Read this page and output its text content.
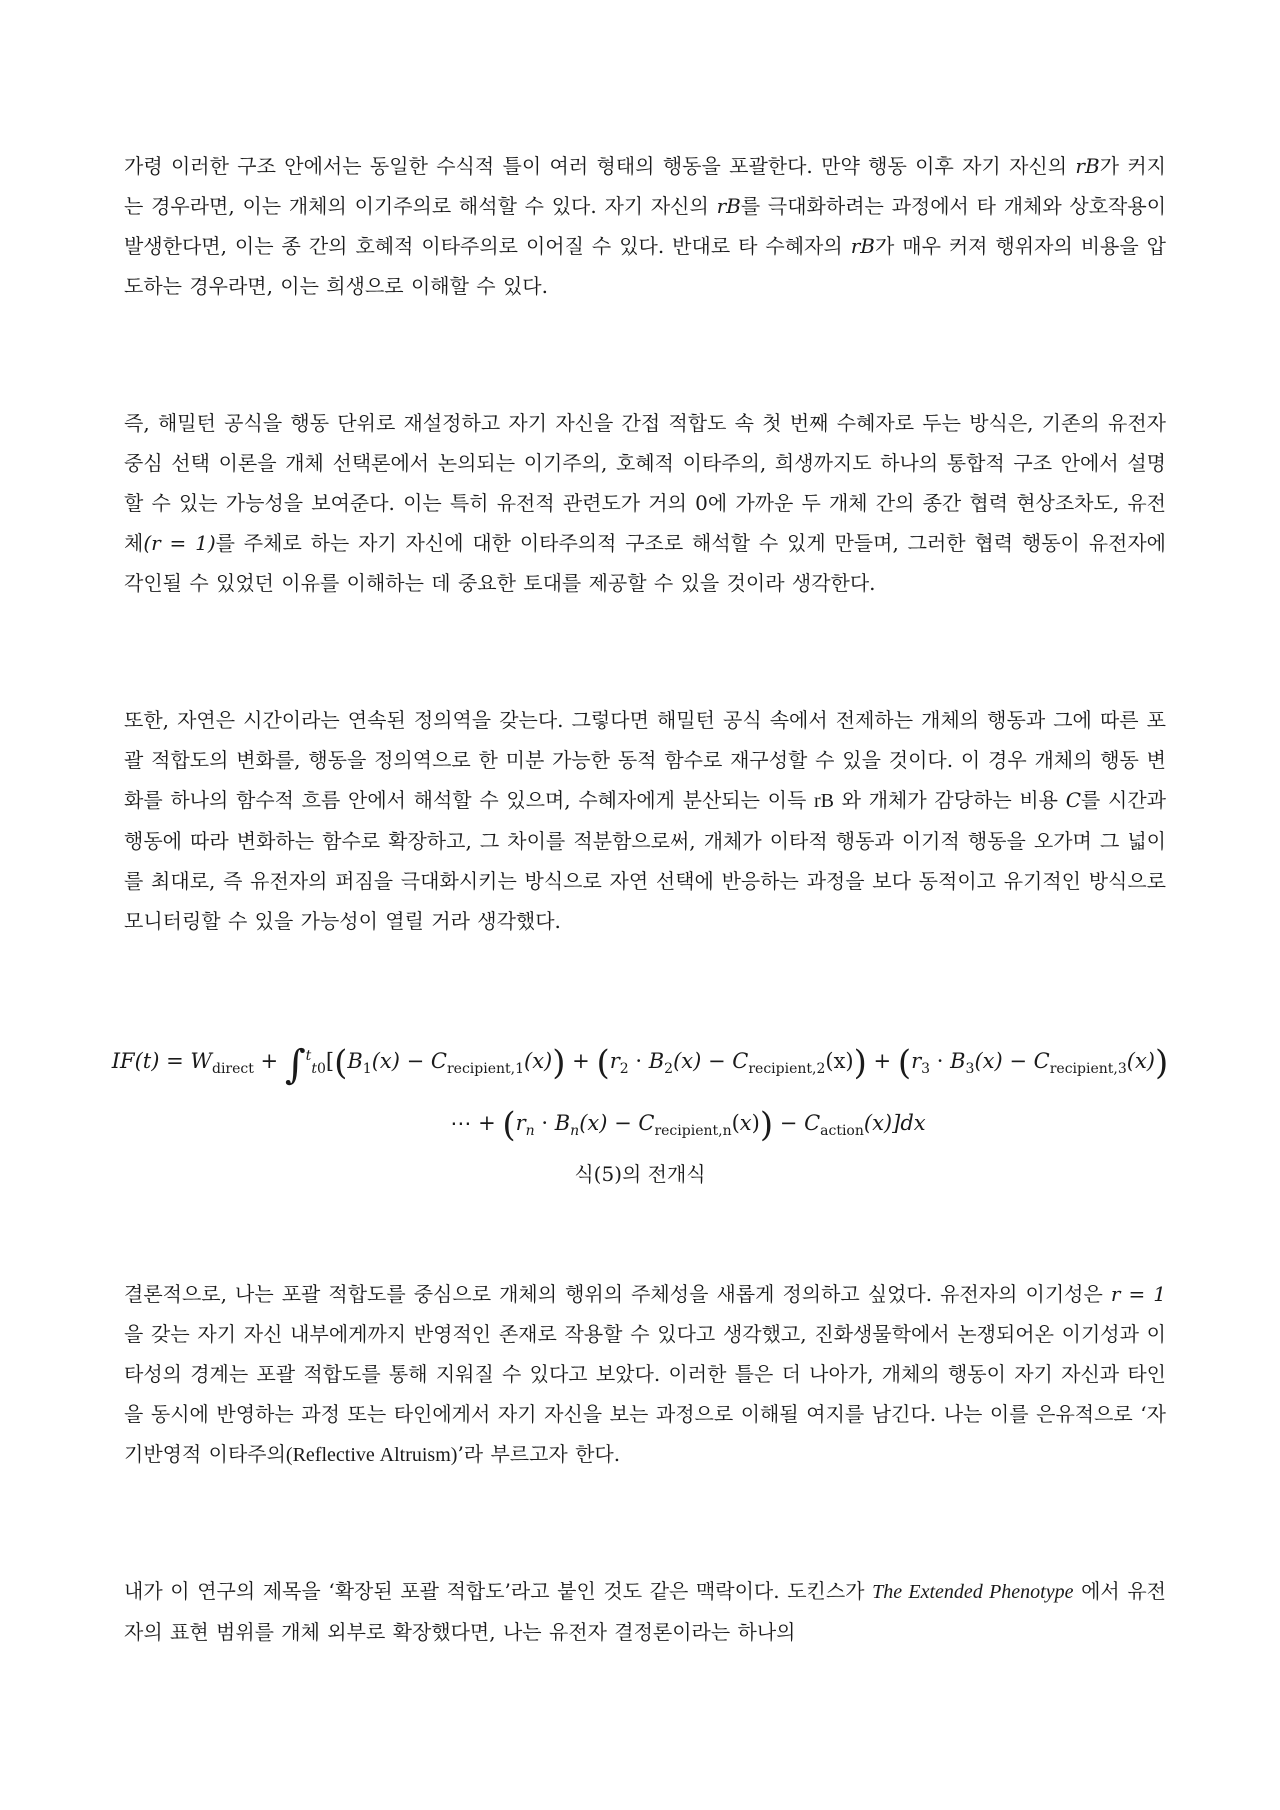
가령 이러한 구조 안에서는 동일한 수식적 틀이 여러 형태의 행동을 포괄한다. 만약 행동 이후 자기 자신의 rB가 커지는 경우라면, 이는 개체의 이기주의로 해석할 수 있다. 자기 자신의 rB를 극대화하려는 과정에서 타 개체와 상호작용이 발생한다면, 이는 종 간의 호혜적 이타주의로 이어질 수 있다. 반대로 타 수혜자의 rB가 매우 커져 행위자의 비용을 압도하는 경우라면, 이는 희생으로 이해할 수 있다.

즉, 해밀턴 공식을 행동 단위로 재설정하고 자기 자신을 간접 적합도 속 첫 번째 수혜자로 두는 방식은, 기존의 유전자 중심 선택 이론을 개체 선택론에서 논의되는 이기주의, 호혜적 이타주의, 희생까지도 하나의 통합적 구조 안에서 설명할 수 있는 가능성을 보여준다. 이는 특히 유전적 관련도가 거의 0에 가까운 두 개체 간의 종간 협력 현상조차도, 유전체(r = 1)를 주체로 하는 자기 자신에 대한 이타주의적 구조로 해석할 수 있게 만들며, 그러한 협력 행동이 유전자에 각인될 수 있었던 이유를 이해하는 데 중요한 토대를 제공할 수 있을 것이라 생각한다.

또한, 자연은 시간이라는 연속된 정의역을 갖는다. 그렇다면 해밀턴 공식 속에서 전제하는 개체의 행동과 그에 따른 포괄 적합도의 변화를, 행동을 정의역으로 한 미분 가능한 동적 함수로 재구성할 수 있을 것이다. 이 경우 개체의 행동 변화를 하나의 함수적 흐름 안에서 해석할 수 있으며, 수혜자에게 분산되는 이득 rB 와 개체가 감당하는 비용 C를 시간과 행동에 따라 변화하는 함수로 확장하고, 그 차이를 적분함으로써, 개체가 이타적 행동과 이기적 행동을 오가며 그 넓이를 최대로, 즉 유전자의 퍼짐을 극대화시키는 방식으로 자연 선택에 반응하는 과정을 보다 동적이고 유기적인 방식으로 모니터링할 수 있을 가능성이 열릴 거라 생각했다.

$IF(t) = W_{direct} + \int^t_{t0}[(B_1(x) - C_{recipient,1}(x)) + (r_2 \cdot B_2(x) - C_{recipient,2}(x)) + (r_3 \cdot B_3(x) - C_{recipient,3}(x))$
⋯ + $(r_n \cdot B_n(x) - C_{recipient,n}(x)) - C_{action}(x)]dx$
식(5)의 전개식

결론적으로, 나는 포괄 적합도를 중심으로 개체의 행위의 주체성을 새롭게 정의하고 싶었다. 유전자의 이기성은 r = 1 을 갖는 자기 자신 내부에게까지 반영적인 존재로 작용할 수 있다고 생각했고, 진화생물학에서 논쟁되어온 이기성과 이타성의 경계는 포괄 적합도를 통해 지워질 수 있다고 보았다. 이러한 틀은 더 나아가, 개체의 행동이 자기 자신과 타인을 동시에 반영하는 과정 또는 타인에게서 자기 자신을 보는 과정으로 이해될 여지를 남긴다. 나는 이를 은유적으로 ‘자기반영적 이타주의(Reflective Altruism)’라 부르고자 한다.

내가 이 연구의 제목을 ‘확장된 포괄 적합도’라고 붙인 것도 같은 맥락이다. 도킨스가 The Extended Phenotype 에서 유전자의 표현 범위를 개체 외부로 확장했다면, 나는 유전자 결정론이라는 하나의
